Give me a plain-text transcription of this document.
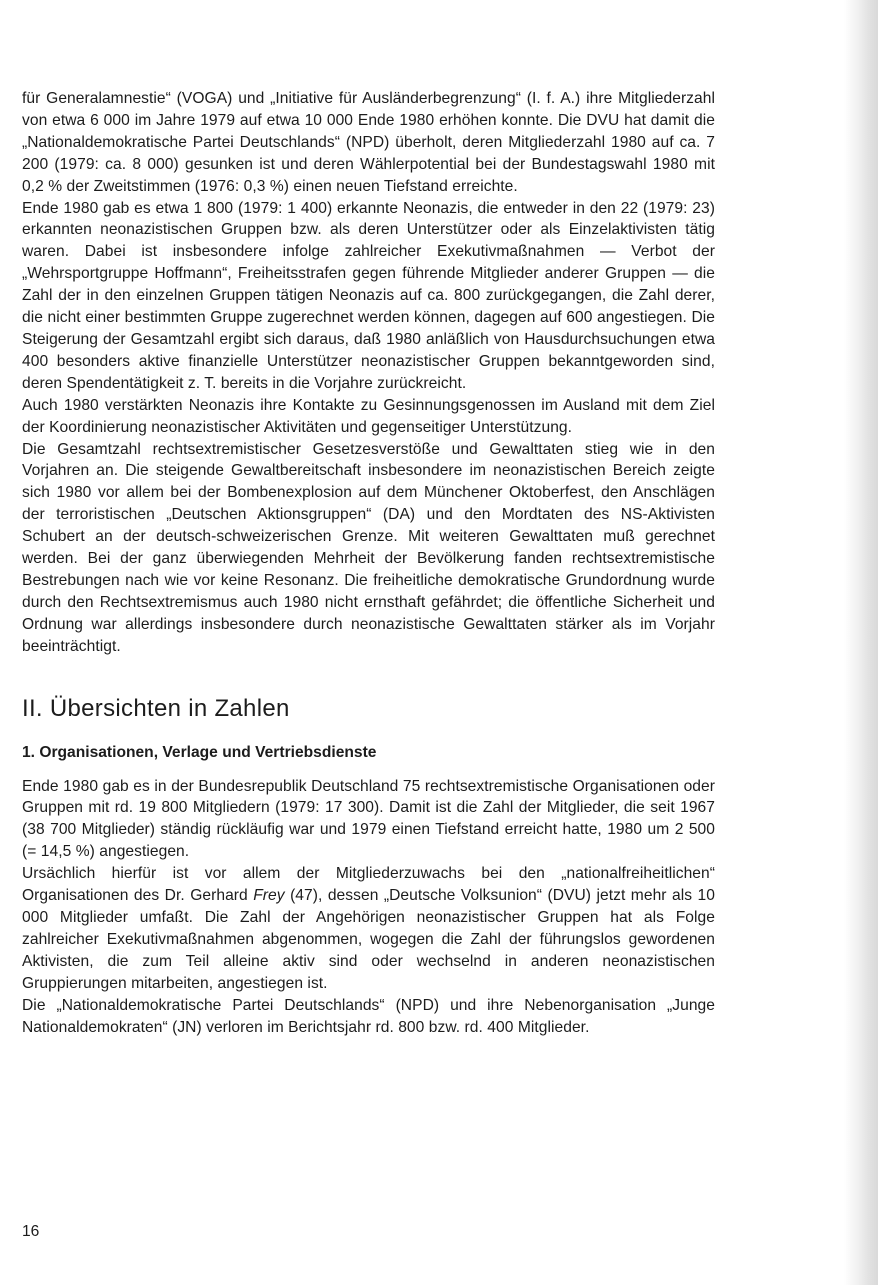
für Generalamnestie“ (VOGA) und „Initiative für Ausländerbegrenzung“ (I. f. A.) ihre Mitgliederzahl von etwa 6 000 im Jahre 1979 auf etwa 10 000 Ende 1980 erhöhen konnte. Die DVU hat damit die „Nationaldemokratische Partei Deutschlands“ (NPD) überholt, deren Mitgliederzahl 1980 auf ca. 7 200 (1979: ca. 8 000) gesunken ist und deren Wählerpotential bei der Bundestagswahl 1980 mit 0,2 % der Zweitstimmen (1976: 0,3 %) einen neuen Tiefstand erreichte.

Ende 1980 gab es etwa 1 800 (1979: 1 400) erkannte Neonazis, die entweder in den 22 (1979: 23) erkannten neonazistischen Gruppen bzw. als deren Unterstützer oder als Einzelaktivisten tätig waren. Dabei ist insbesondere infolge zahlreicher Exekutivmaßnahmen — Verbot der „Wehrsportgruppe Hoffmann“, Freiheitsstrafen gegen führende Mitglieder anderer Gruppen — die Zahl der in den einzelnen Gruppen tätigen Neonazis auf ca. 800 zurückgegangen, die Zahl derer, die nicht einer bestimmten Gruppe zugerechnet werden können, dagegen auf 600 angestiegen. Die Steigerung der Gesamtzahl ergibt sich daraus, daß 1980 anläßlich von Hausdurchsuchungen etwa 400 besonders aktive finanzielle Unterstützer neonazistischer Gruppen bekanntgeworden sind, deren Spendentätigkeit z. T. bereits in die Vorjahre zurückreicht.

Auch 1980 verstärkten Neonazis ihre Kontakte zu Gesinnungsgenossen im Ausland mit dem Ziel der Koordinierung neonazistischer Aktivitäten und gegenseitiger Unterstützung.

Die Gesamtzahl rechtsextremistischer Gesetzesverstöße und Gewalttaten stieg wie in den Vorjahren an. Die steigende Gewaltbereitschaft insbesondere im neonazistischen Bereich zeigte sich 1980 vor allem bei der Bombenexplosion auf dem Münchener Oktoberfest, den Anschlägen der terroristischen „Deutschen Aktionsgruppen“ (DA) und den Mordtaten des NS-Aktivisten Schubert an der deutsch-schweizerischen Grenze. Mit weiteren Gewalttaten muß gerechnet werden. Bei der ganz überwiegenden Mehrheit der Bevölkerung fanden rechtsextremistische Bestrebungen nach wie vor keine Resonanz. Die freiheitliche demokratische Grundordnung wurde durch den Rechtsextremismus auch 1980 nicht ernsthaft gefährdet; die öffentliche Sicherheit und Ordnung war allerdings insbesondere durch neonazistische Gewalttaten stärker als im Vorjahr beeinträchtigt.

II. Übersichten in Zahlen
1. Organisationen, Verlage und Vertriebsdienste

Ende 1980 gab es in der Bundesrepublik Deutschland 75 rechtsextremistische Organisationen oder Gruppen mit rd. 19 800 Mitgliedern (1979: 17 300). Damit ist die Zahl der Mitglieder, die seit 1967 (38 700 Mitglieder) ständig rückläufig war und 1979 einen Tiefstand erreicht hatte, 1980 um 2 500 (= 14,5 %) angestiegen.

Ursächlich hierfür ist vor allem der Mitgliederzuwachs bei den „nationalfreiheitlichen“ Organisationen des Dr. Gerhard Frey (47), dessen „Deutsche Volksunion“ (DVU) jetzt mehr als 10 000 Mitglieder umfaßt. Die Zahl der Angehörigen neonazistischer Gruppen hat als Folge zahlreicher Exekutivmaßnahmen abgenommen, wogegen die Zahl der führungslos gewordenen Aktivisten, die zum Teil alleine aktiv sind oder wechselnd in anderen neonazistischen Gruppierungen mitarbeiten, angestiegen ist.

Die „Nationaldemokratische Partei Deutschlands“ (NPD) und ihre Nebenorganisation „Junge Nationaldemokraten“ (JN) verloren im Berichtsjahr rd. 800 bzw. rd. 400 Mitglieder.

16
